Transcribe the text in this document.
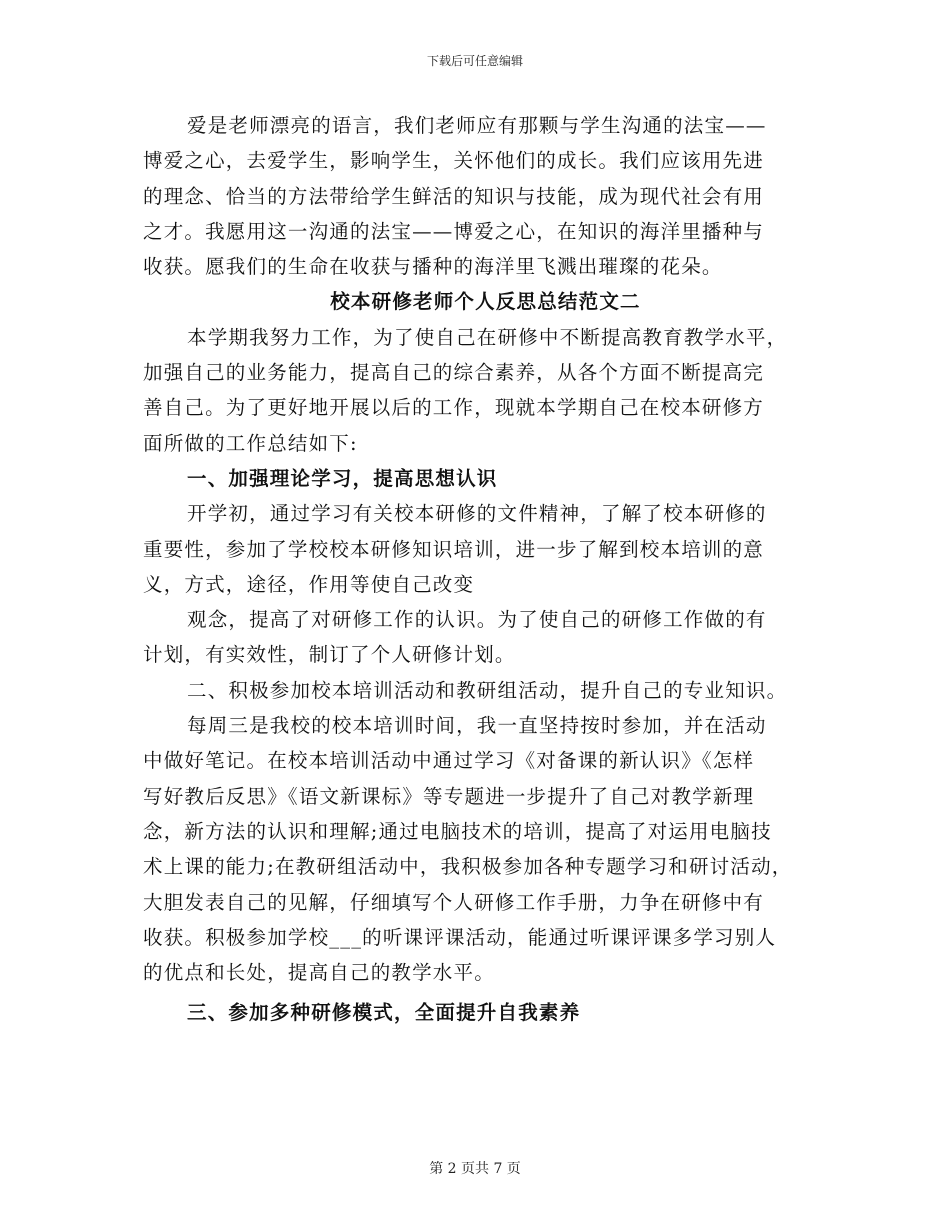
下载后可任意编辑
爱是老师漂亮的语言，我们老师应有那颗与学生沟通的法宝——
博爱之心，去爱学生，影响学生，关怀他们的成长。我们应该用先进
的理念、恰当的方法带给学生鲜活的知识与技能，成为现代社会有用
之才。我愿用这一沟通的法宝——博爱之心，在知识的海洋里播种与
收获。愿我们的生命在收获与播种的海洋里飞溅出璀璨的花朵。
校本研修老师个人反思总结范文二
本学期我努力工作，为了使自己在研修中不断提高教育教学水平，
加强自己的业务能力，提高自己的综合素养，从各个方面不断提高完
善自己。为了更好地开展以后的工作，现就本学期自己在校本研修方
面所做的工作总结如下:
一、加强理论学习，提高思想认识
开学初，通过学习有关校本研修的文件精神，了解了校本研修的
重要性，参加了学校校本研修知识培训，进一步了解到校本培训的意
义，方式，途径，作用等使自己改变
观念，提高了对研修工作的认识。为了使自己的研修工作做的有
计划，有实效性，制订了个人研修计划。
二、积极参加校本培训活动和教研组活动，提升自己的专业知识。
每周三是我校的校本培训时间，我一直坚持按时参加，并在活动
中做好笔记。在校本培训活动中通过学习《对备课的新认识》《怎样
写好教后反思》《语文新课标》等专题进一步提升了自己对教学新理
念，新方法的认识和理解;通过电脑技术的培训，提高了对运用电脑技
术上课的能力;在教研组活动中，我积极参加各种专题学习和研讨活动，
大胆发表自己的见解，仔细填写个人研修工作手册，力争在研修中有
收获。积极参加学校___的听课评课活动，能通过听课评课多学习别人
的优点和长处，提高自己的教学水平。
三、参加多种研修模式，全面提升自我素养
第 2 页共 7 页
